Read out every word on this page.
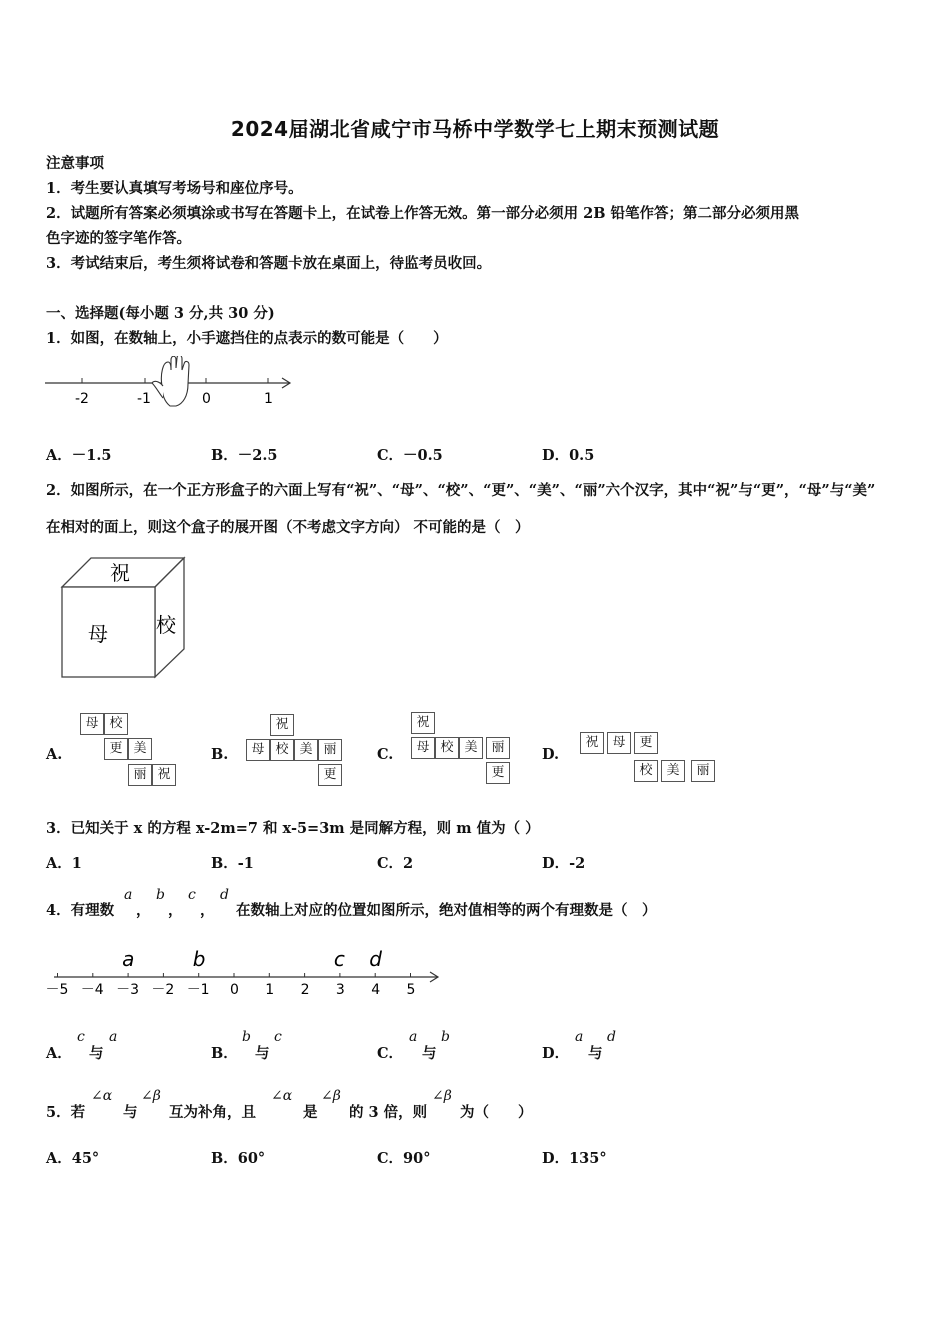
2024届湖北省咸宁市马桥中学数学七上期末预测试题
注意事项
1．考生要认真填写考场号和座位序号。
2．试题所有答案必须填涂或书写在答题卡上，在试卷上作答无效。第一部分必须用 2B 铅笔作答；第二部分必须用黑
色字迹的签字笔作答。
3．考试结束后，考生须将试卷和答题卡放在桌面上，待监考员收回。
一、选择题(每小题 3 分,共 30 分)
1．如图，在数轴上，小手遮挡住的点表示的数可能是（　　）
-2	-1	0	1
A．－1.5	B．－2.5	C．－0.5	D．0.5
2．如图所示，在一个正方形盒子的六面上写有“祝”、“母”、“校”、“更”、“美”、“丽”六个汉字，其中“祝”与“更”，“母”与“美”
在相对的面上，则这个盒子的展开图（不考虑文字方向） 不可能的是（　）
祝
母 校
A.	B.	C.	D.
母 校
更 美
丽 祝
祝
母 校 美 丽
更
祝
母 校 美	丽
更
祝	母	更
校	美	丽
3．已知关于 x 的方程 x-2m=7 和 x-5=3m 是同解方程，则 m 值为（ ）
A．1	B．-1	C．2	D．-2
4．有理数
a
，
b
，
c
，
d
在数轴上对应的位置如图所示，绝对值相等的两个有理数是（　）
－5 －4 －3 －2 －1 0 1 2 3 4 5
a	b	c d
A．
c
与
a
B．
b
与
c
C．
a
与
b
D．
a
与
d
5．若
∠α
与
∠β
互为补角，且
∠α
是
∠β
的 3 倍，则
∠β
为（　　）
A．45°	B．60°	C．90°	D．135°
